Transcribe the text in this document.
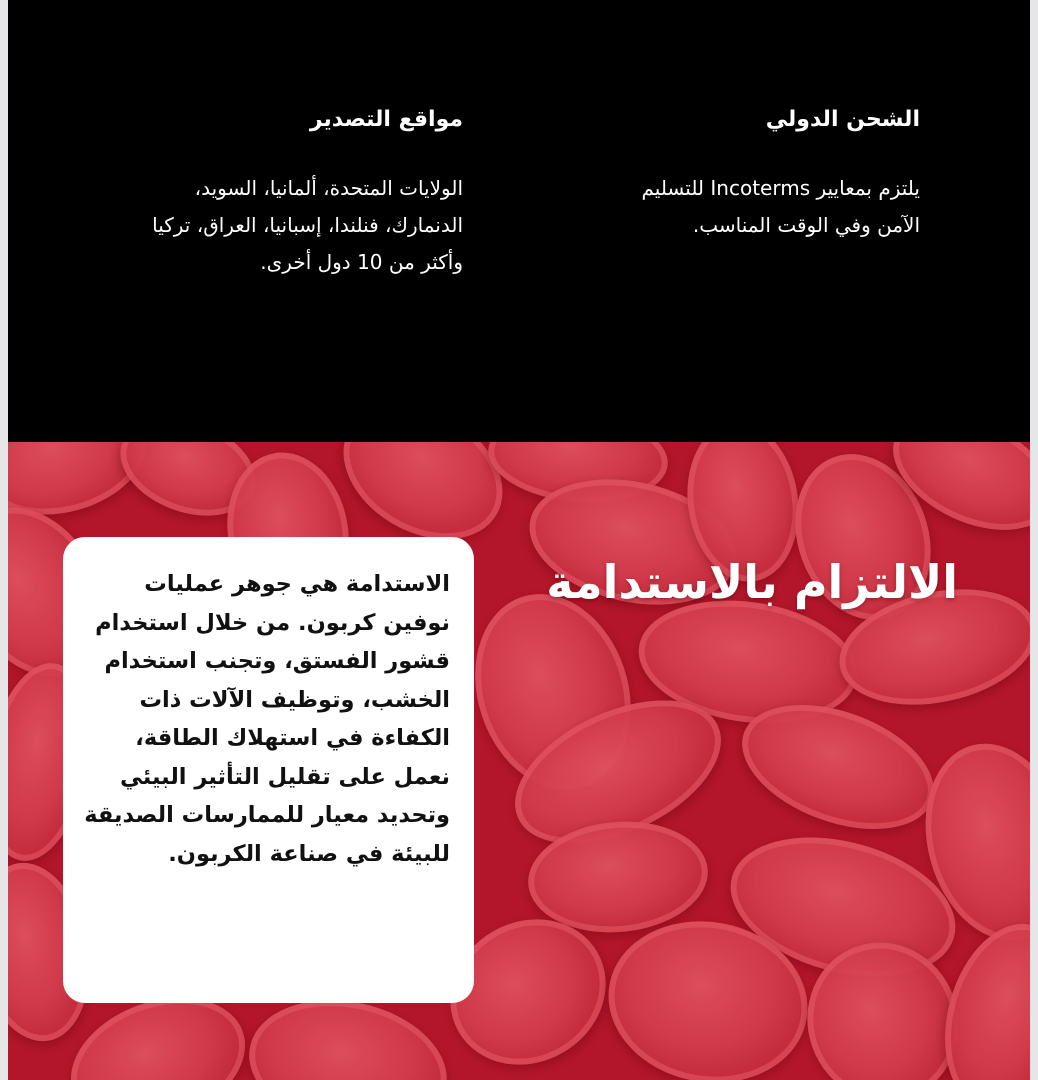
الشحن الدولي

يلتزم بمعايير Incoterms للتسليم الآمن وفي الوقت المناسب.

مواقع التصدير

الولايات المتحدة، ألمانيا، السويد، الدنمارك، فنلندا، إسبانيا، العراق، تركيا وأكثر من 10 دول أخرى.

الالتزام بالاستدامة

الاستدامة هي جوهر عمليات نوفين كربون. من خلال استخدام قشور الفستق، وتجنب استخدام الخشب، وتوظيف الآلات ذات الكفاءة في استهلاك الطاقة، نعمل على تقليل التأثير البيئي وتحديد معيار للممارسات الصديقة للبيئة في صناعة الكربون.
